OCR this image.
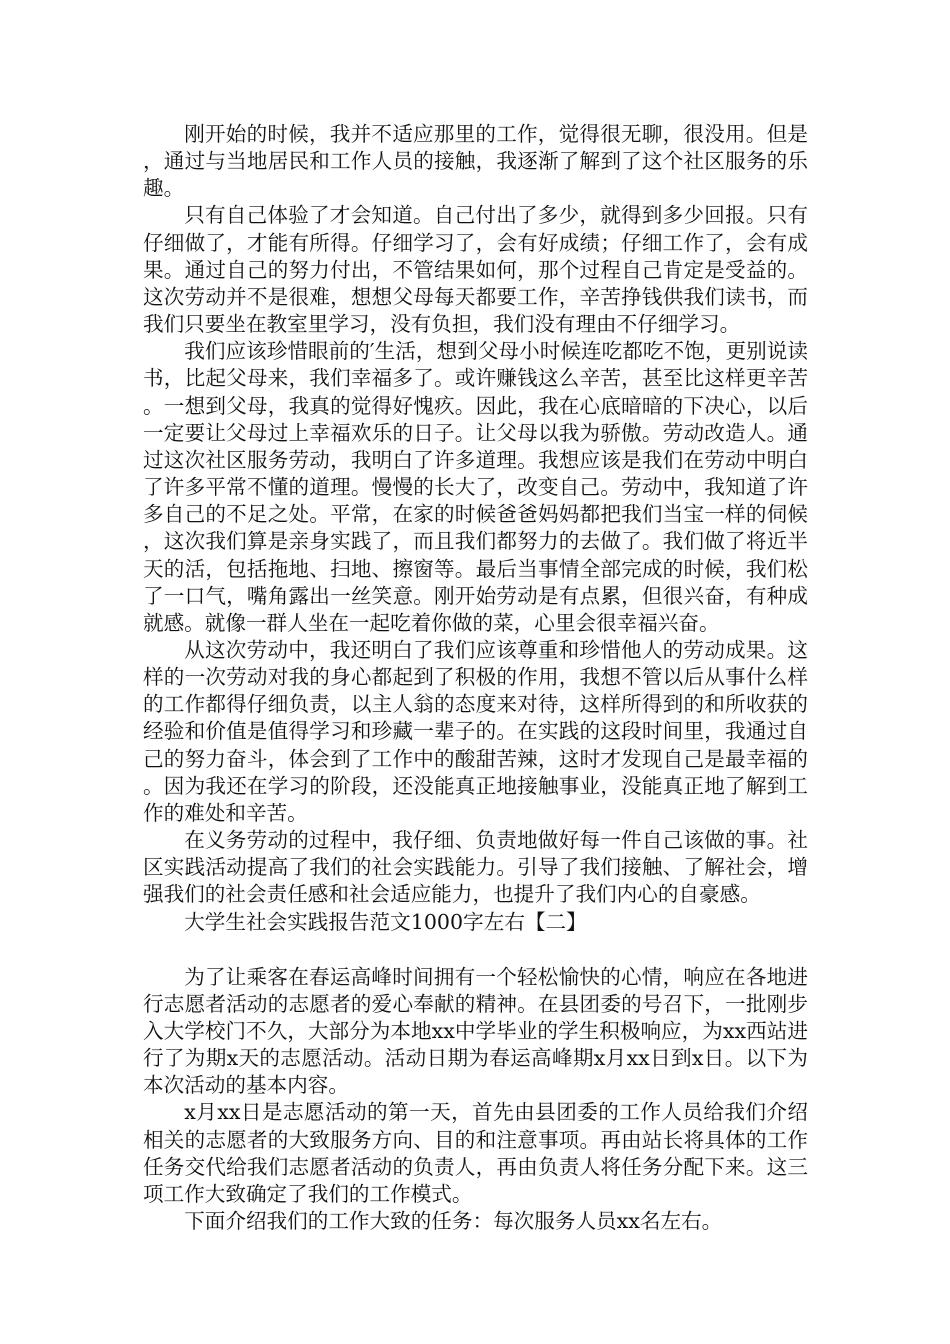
刚开始的时候，我并不适应那里的工作，觉得很无聊，很没用。但是，通过与当地居民和工作人员的接触，我逐渐了解到了这个社区服务的乐趣。

只有自己体验了才会知道。自己付出了多少，就得到多少回报。只有仔细做了，才能有所得。仔细学习了，会有好成绩；仔细工作了，会有成果。通过自己的努力付出，不管结果如何，那个过程自己肯定是受益的。这次劳动并不是很难，想想父母每天都要工作，辛苦挣钱供我们读书，而我们只要坐在教室里学习，没有负担，我们没有理由不仔细学习。

我们应该珍惜眼前的′生活，想到父母小时候连吃都吃不饱，更别说读书，比起父母来，我们幸福多了。或许赚钱这么辛苦，甚至比这样更辛苦。一想到父母，我真的觉得好愧疚。因此，我在心底暗暗的下决心，以后一定要让父母过上幸福欢乐的日子。让父母以我为骄傲。劳动改造人。通过这次社区服务劳动，我明白了许多道理。我想应该是我们在劳动中明白了许多平常不懂的道理。慢慢的长大了，改变自己。劳动中，我知道了许多自己的不足之处。平常，在家的时候爸爸妈妈都把我们当宝一样的伺候，这次我们算是亲身实践了，而且我们都努力的去做了。我们做了将近半天的活，包括拖地、扫地、擦窗等。最后当事情全部完成的时候，我们松了一口气，嘴角露出一丝笑意。刚开始劳动是有点累，但很兴奋，有种成就感。就像一群人坐在一起吃着你做的菜，心里会很幸福兴奋。

从这次劳动中，我还明白了我们应该尊重和珍惜他人的劳动成果。这样的一次劳动对我的身心都起到了积极的作用，我想不管以后从事什么样的工作都得仔细负责，以主人翁的态度来对待，这样所得到的和所收获的经验和价值是值得学习和珍藏一辈子的。在实践的这段时间里，我通过自己的努力奋斗，体会到了工作中的酸甜苦辣，这时才发现自己是最幸福的。因为我还在学习的阶段，还没能真正地接触事业，没能真正地了解到工作的难处和辛苦。

在义务劳动的过程中，我仔细、负责地做好每一件自己该做的事。社区实践活动提高了我们的社会实践能力。引导了我们接触、了解社会，增强我们的社会责任感和社会适应能力，也提升了我们内心的自豪感。

大学生社会实践报告范文1000字左右【二】

为了让乘客在春运高峰时间拥有一个轻松愉快的心情，响应在各地进行志愿者活动的志愿者的爱心奉献的精神。在县团委的号召下，一批刚步入大学校门不久，大部分为本地xx中学毕业的学生积极响应，为xx西站进行了为期x天的志愿活动。活动日期为春运高峰期x月xx日到x日。以下为本次活动的基本内容。

x月xx日是志愿活动的第一天，首先由县团委的工作人员给我们介绍相关的志愿者的大致服务方向、目的和注意事项。再由站长将具体的工作任务交代给我们志愿者活动的负责人，再由负责人将任务分配下来。这三项工作大致确定了我们的工作模式。

下面介绍我们的工作大致的任务：每次服务人员xx名左右。
